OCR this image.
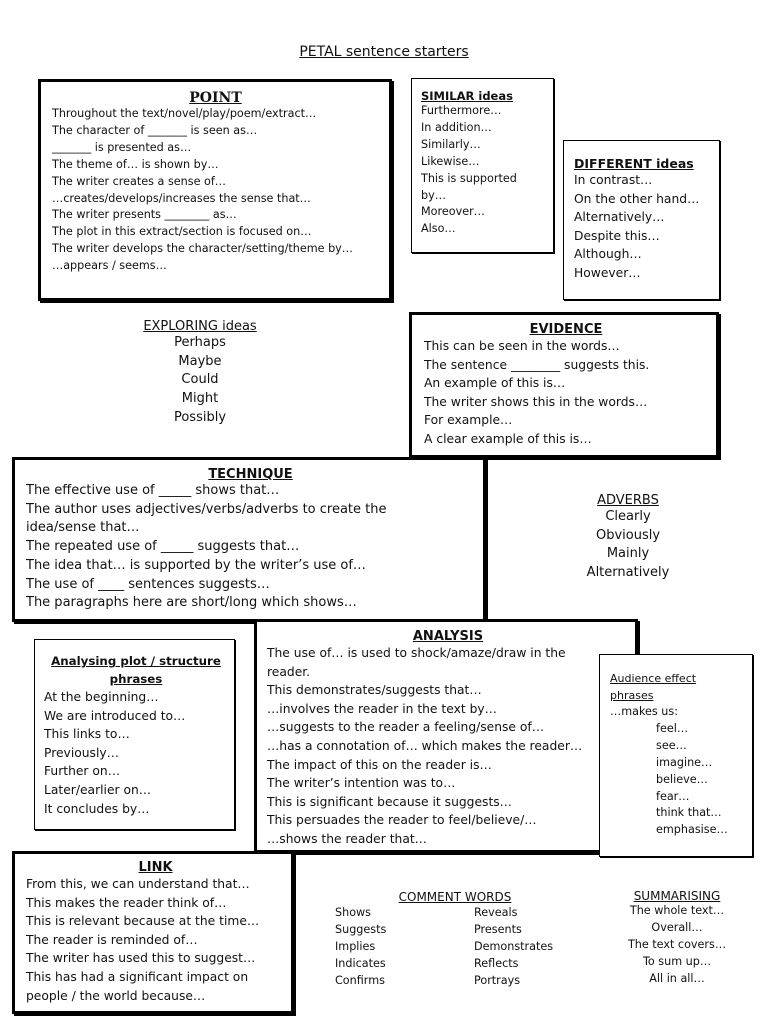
PETAL sentence starters
POINT
Throughout the text/novel/play/poem/extract…
The character of _______ is seen as…
_______ is presented as…
The theme of… is shown by…
The writer creates a sense of…
…creates/develops/increases the sense that…
The writer presents ________ as…
The plot in this extract/section is focused on…
The writer develops the character/setting/theme by…
…appears / seems…
SIMILAR ideas
Furthermore…
In addition…
Similarly…
Likewise…
This is supported
by…
Moreover…
Also…
DIFFERENT ideas
In contrast…
On the other hand…
Alternatively…
Despite this…
Although…
However…
EXPLORING ideas
Perhaps
Maybe
Could
Might
Possibly
EVIDENCE
This can be seen in the words…
The sentence ________ suggests this.
An example of this is…
The writer shows this in the words…
For example…
A clear example of this is…
TECHNIQUE
The effective use of _____ shows that…
The author uses adjectives/verbs/adverbs to create the
idea/sense that…
The repeated use of _____ suggests that…
The idea that… is supported by the writer’s use of…
The use of ____ sentences suggests…
The paragraphs here are short/long which shows…
ADVERBS
Clearly
Obviously
Mainly
Alternatively
Analysing plot / structure
phrases
At the beginning…
We are introduced to…
This links to…
Previously…
Further on…
Later/earlier on…
It concludes by…
ANALYSIS
The use of… is used to shock/amaze/draw in the
reader.
This demonstrates/suggests that…
…involves the reader in the text by…
…suggests to the reader a feeling/sense of…
…has a connotation of… which makes the reader…
The impact of this on the reader is…
The writer’s intention was to…
This is significant because it suggests…
This persuades the reader to feel/believe/…
…shows the reader that…
Audience effect
phrases
…makes us:
feel…
see…
imagine…
believe…
fear…
think that…
emphasise…
LINK
From this, we can understand that…
This makes the reader think of…
This is relevant because at the time…
The reader is reminded of…
The writer has used this to suggest…
This has had a significant impact on
people / the world because…
COMMENT WORDS
Shows
Suggests
Implies
Indicates
Confirms
Reveals
Presents
Demonstrates
Reflects
Portrays
SUMMARISING
The whole text…
Overall…
The text covers…
To sum up…
All in all…
